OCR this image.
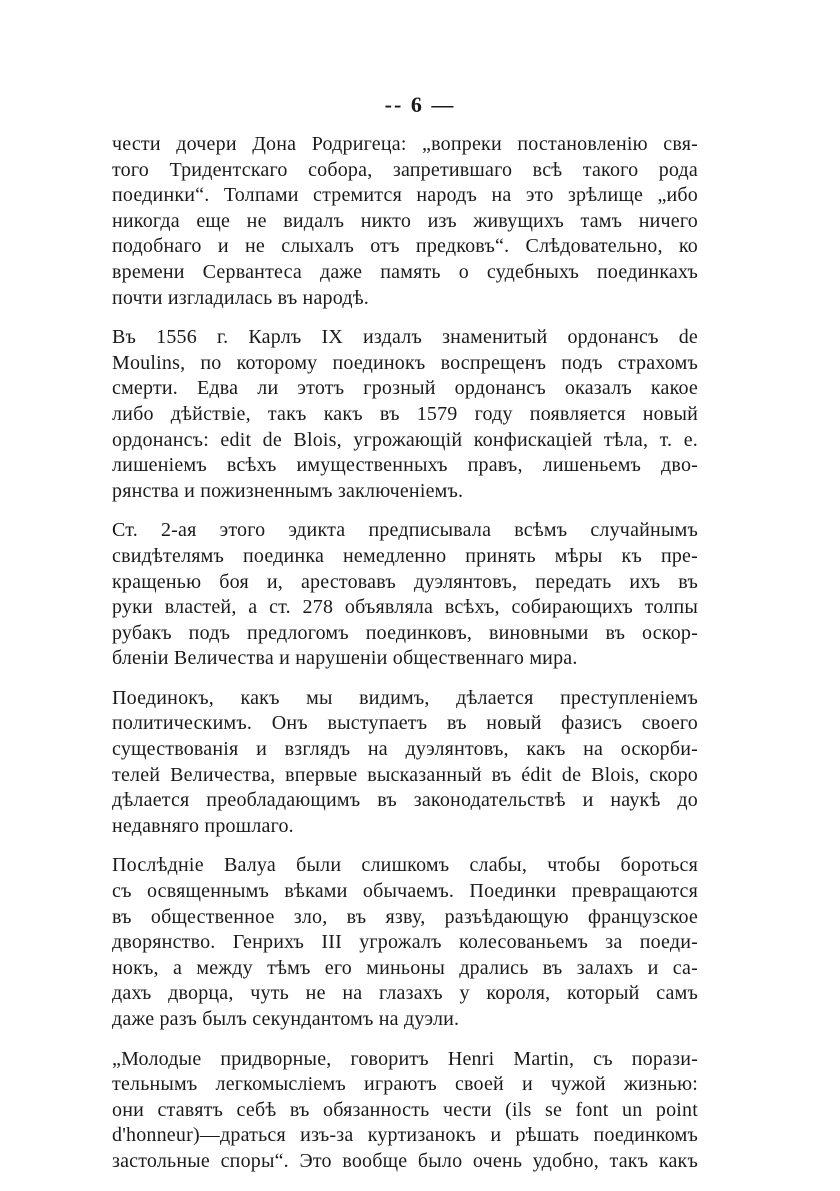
-- 6 —

чести дочери Дона Родригеца: „вопреки постановленію свя-
того Тридентскаго собора, запретившаго всѣ такого рода
поединки“. Толпами стремится народъ на это зрѣлище „ибо
никогда еще не видалъ никто изъ живущихъ тамъ ничего
подобнаго и не слыхалъ отъ предковъ“. Слѣдовательно, ко
времени Сервантеса даже память о судебныхъ поединкахъ
почти изгладилась въ народѣ.

Въ 1556 г. Карлъ IX издалъ знаменитый ордонансъ de
Moulins, по которому поединокъ воспрещенъ подъ страхомъ
смерти. Едва ли этотъ грозный ордонансъ оказалъ какое
либо дѣйствіе, такъ какъ въ 1579 году появляется новый
ордонансъ: edit de Blois, угрожающій конфискаціей тѣла, т. е.
лишеніемъ всѣхъ имущественныхъ правъ, лишеньемъ дво-
рянства и пожизненнымъ заключеніемъ.

Ст. 2-ая этого эдикта предписывала всѣмъ случайнымъ
свидѣтелямъ поединка немедленно принять мѣры къ пре-
кращенью боя и, арестовавъ дуэлянтовъ, передать ихъ въ
руки властей, а ст. 278 объявляла всѣхъ, собирающихъ толпы
рубакъ подъ предлогомъ поединковъ, виновными въ оскор-
бленіи Величества и нарушеніи общественнаго мира.

Поединокъ, какъ мы видимъ, дѣлается преступленіемъ
политическимъ. Онъ выступаетъ въ новый фазисъ своего
существованія и взглядъ на дуэлянтовъ, какъ на оскорби-
телей Величества, впервые высказанный въ édit de Blois, скоро
дѣлается преобладающимъ въ законодательствѣ и наукѣ до
недавняго прошлаго.

Послѣдніе Валуа были слишкомъ слабы, чтобы бороться
съ освященнымъ вѣками обычаемъ. Поединки превращаются
въ общественное зло, въ язву, разъѣдающую французское
дворянство. Генрихъ III угрожалъ колесованьемъ за поеди-
нокъ, а между тѣмъ его миньоны дрались въ залахъ и са-
дахъ дворца, чуть не на глазахъ у короля, который самъ
даже разъ былъ секундантомъ на дуэли.

„Молодые придворные, говоритъ Henri Martin, съ порази-
тельнымъ легкомысліемъ играютъ своей и чужой жизнью:
они ставятъ себѣ въ обязанность чести (ils se font un point
d'honneur)—драться изъ-за куртизанокъ и рѣшать поединкомъ
застольные споры“. Это вообще было очень удобно, такъ какъ
